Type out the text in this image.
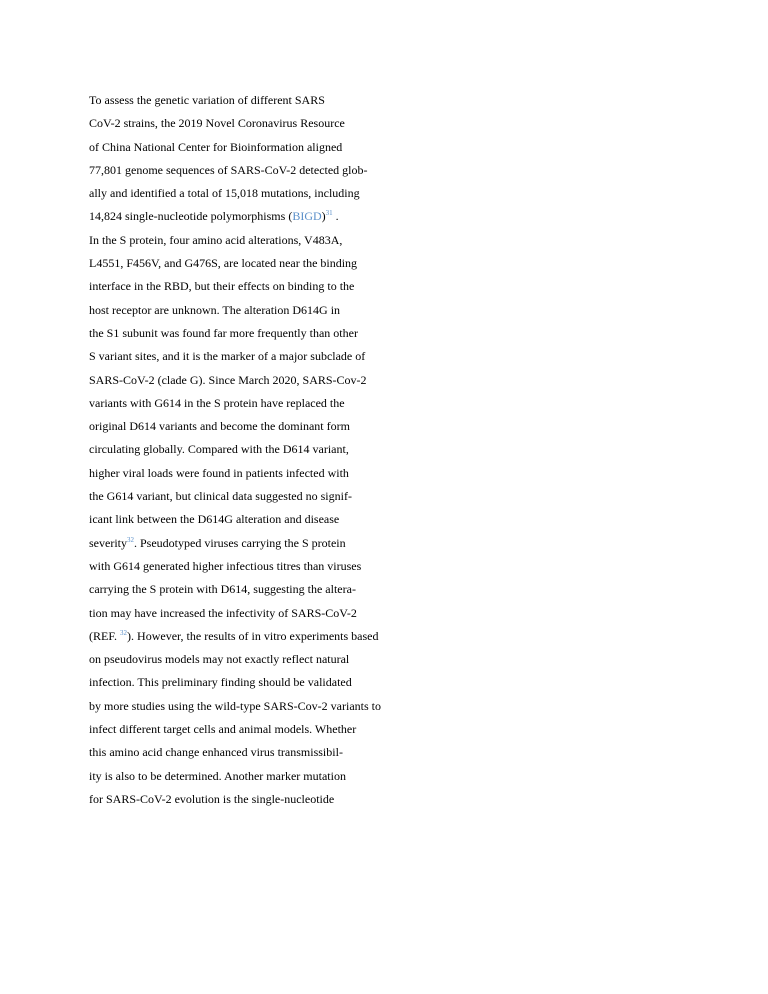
To assess the genetic variation of different SARS
CoV-2 strains, the 2019 Novel Coronavirus Resource
of China National Center for Bioinformation aligned
77,801 genome sequences of SARS-CoV-2 detected glob-
ally and identified a total of 15,018 mutations, including
14,824 single-nucleotide polymorphisms (BIGD)$^{31}$ .
In the S protein, four amino acid alterations, V483A,
L4551, F456V, and G476S, are located near the binding
interface in the RBD, but their effects on binding to the
host receptor are unknown. The alteration D614G in
the S1 subunit was found far more frequently than other
S variant sites, and it is the marker of a major subclade of
SARS-CoV-2 (clade G). Since March 2020, SARS-Cov-2
variants with G614 in the S protein have replaced the
original D614 variants and become the dominant form
circulating globally. Compared with the D614 variant,
higher viral loads were found in patients infected with
the G614 variant, but clinical data suggested no signif-
icant link between the D614G alteration and disease
severity$^{32}$. Pseudotyped viruses carrying the S protein
with G614 generated higher infectious titres than viruses
carrying the S protein with D614, suggesting the altera-
tion may have increased the infectivity of SARS-CoV-2
(REF. $^{32}$). However, the results of in vitro experiments based
on pseudovirus models may not exactly reflect natural
infection. This preliminary finding should be validated
by more studies using the wild-type SARS-Cov-2 variants to
infect different target cells and animal models. Whether
this amino acid change enhanced virus transmissibil-
ity is also to be determined. Another marker mutation
for SARS-CoV-2 evolution is the single-nucleotide
